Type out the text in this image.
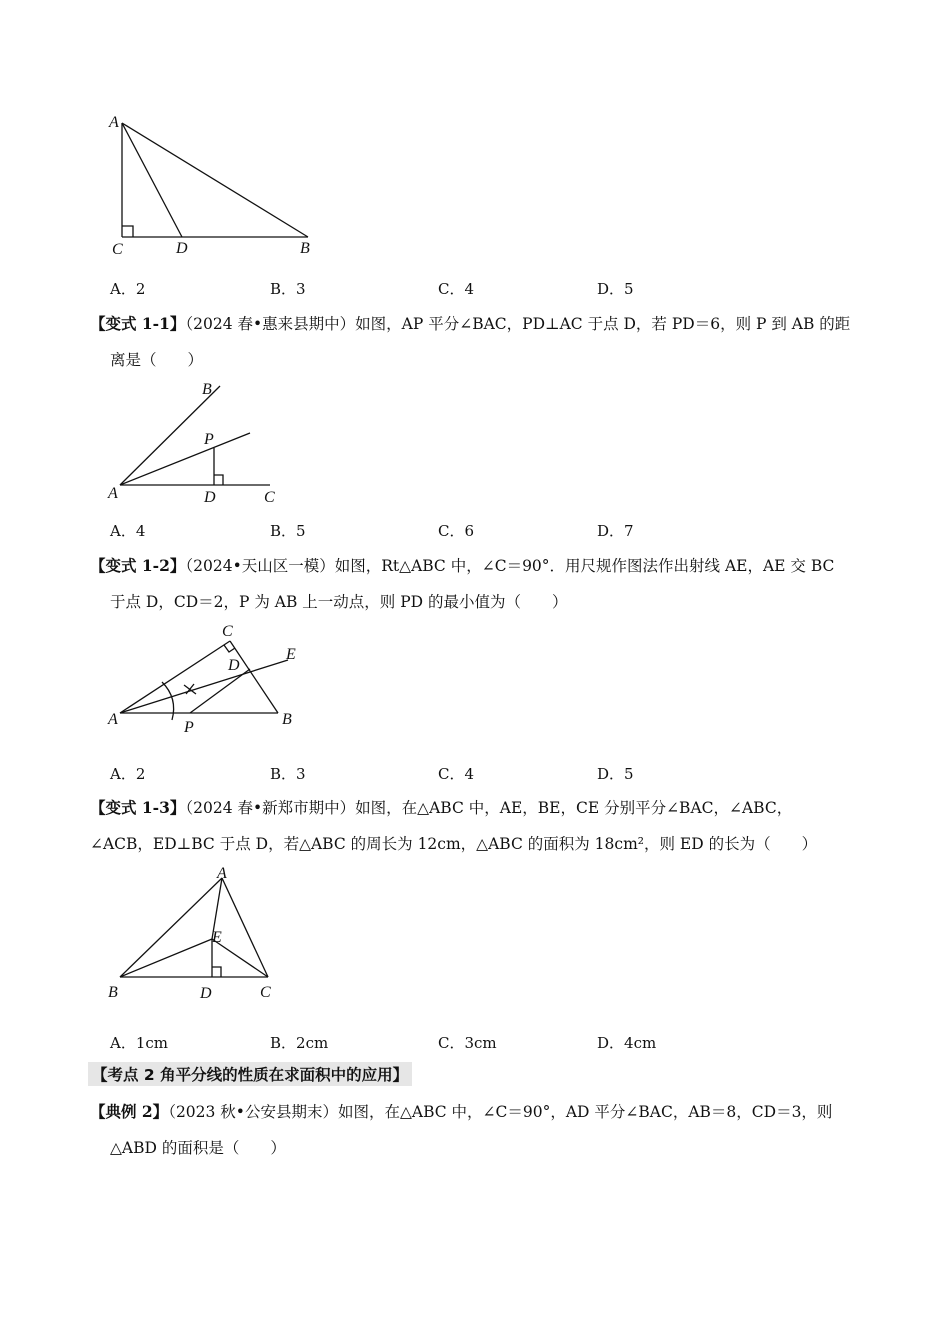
A
C	D	B
A．2	B．3	C．4	D．5
【变式 1-1】（2024 春•惠来县期中）如图，AP 平分∠BAC，PD⊥AC 于点 D，若 PD＝6，则 P 到 AB 的距
离是（　　）
B
P
A	D	C
A．4	B．5	C．6	D．7
【变式 1-2】（2024•天山区一模）如图，Rt△ABC 中，∠C＝90°．用尺规作图法作出射线 AE，AE 交 BC
于点 D，CD＝2，P 为 AB 上一动点，则 PD 的最小值为（　　）
C
D
E
A	P	B
A．2	B．3	C．4	D．5
【变式 1-3】（2024 春•新郑市期中）如图，在△ABC 中，AE，BE，CE 分别平分∠BAC，∠ABC，
∠ACB，ED⊥BC 于点 D，若△ABC 的周长为 12cm，△ABC 的面积为 18cm²，则 ED 的长为（　　）
A
E
B	D	C
A．1cm	B．2cm	C．3cm	D．4cm
【考点 2 角平分线的性质在求面积中的应用】
【典例 2】（2023 秋•公安县期末）如图，在△ABC 中，∠C＝90°，AD 平分∠BAC，AB＝8，CD＝3，则
△ABD 的面积是（　　）
